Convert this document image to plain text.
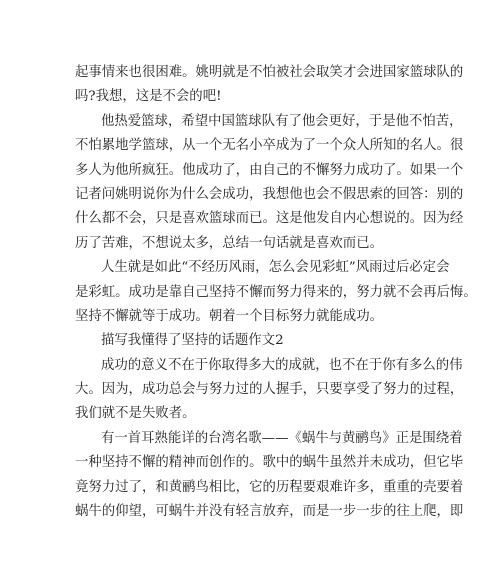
起事情来也很困难。姚明就是不怕被社会取笑才会进国家篮球队的
吗?我想，这是不会的吧!
他热爱篮球，希望中国篮球队有了他会更好，于是他不怕苦，
不怕累地学篮球，从一个无名小卒成为了一个众人所知的名人。很
多人为他所疯狂。他成功了，由自己的不懈努力成功了。如果一个
记者问姚明说你为什么会成功，我想他也会不假思索的回答：别的
什么都不会，只是喜欢篮球而已。这是他发自内心想说的。因为经
历了苦难，不想说太多，总结一句话就是喜欢而已。
人生就是如此“不经历风雨，怎么会见彩虹”风雨过后必定会
是彩虹。成功是靠自己坚持不懈而努力得来的，努力就不会再后悔。
坚持不懈就等于成功。朝着一个目标努力就能成功。
描写我懂得了坚持的话题作文2
成功的意义不在于你取得多大的成就，也不在于你有多么的伟
大。因为，成功总会与努力过的人握手，只要享受了努力的过程，
我们就不是失败者。
有一首耳熟能详的台湾名歌——《蜗牛与黄鹂鸟》正是围绕着
一种坚持不懈的精神而创作的。歌中的蜗牛虽然并未成功，但它毕
竟努力过了，和黄鹂鸟相比，它的历程要艰难许多，重重的壳要着
蜗牛的仰望，可蜗牛并没有轻言放弃，而是一步一步的往上爬，即
